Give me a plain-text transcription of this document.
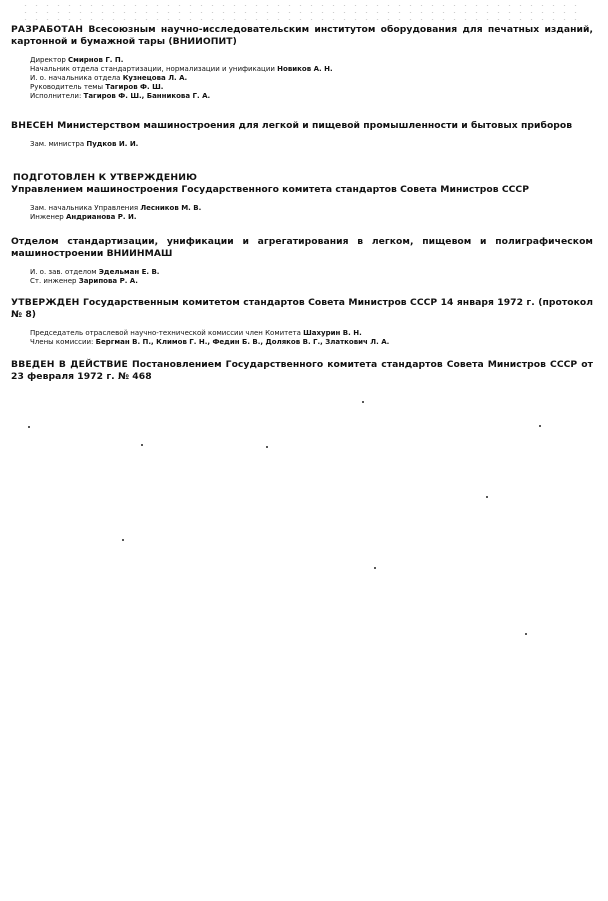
РАЗРАБОТАН Всесоюзным научно-исследовательским институтом оборудования для печатных изданий, картонной и бумажной тары (ВНИИОПИТ)

Директор Смирнов Г. П.
Начальник отдела стандартизации, нормализации и унификации Новиков А. Н.
И. о. начальника отдела Кузнецова Л. А.
Руководитель темы Тагиров Ф. Ш.
Исполнители: Тагиров Ф. Ш., Банникова Г. А.

ВНЕСЕН Министерством машиностроения для легкой и пищевой промышленности и бытовых приборов

Зам. министра Пудков И. И.

ПОДГОТОВЛЕН К УТВЕРЖДЕНИЮ

Управлением машиностроения Государственного комитета стандартов Совета Министров СССР

Зам. начальника Управления Лесников М. В.
Инженер Андрианова Р. И.

Отделом стандартизации, унификации и агрегатирования в легком, пищевом и полиграфическом машиностроении ВНИИНМАШ

И. о. зав. отделом Эдельман Е. В.
Ст. инженер Зарипова Р. А.

УТВЕРЖДЕН Государственным комитетом стандартов Совета Министров СССР 14 января 1972 г. (протокол № 8)

Председатель отраслевой научно-технической комиссии член Комитета Шахурин В. Н.
Члены комиссии: Бергман В. П., Климов Г. Н., Федин Б. В., Доляков В. Г., Златкович Л. А.

ВВЕДЕН В ДЕЙСТВИЕ Постановлением Государственного комитета стандартов Совета Министров СССР от 23 февраля 1972 г. № 468
